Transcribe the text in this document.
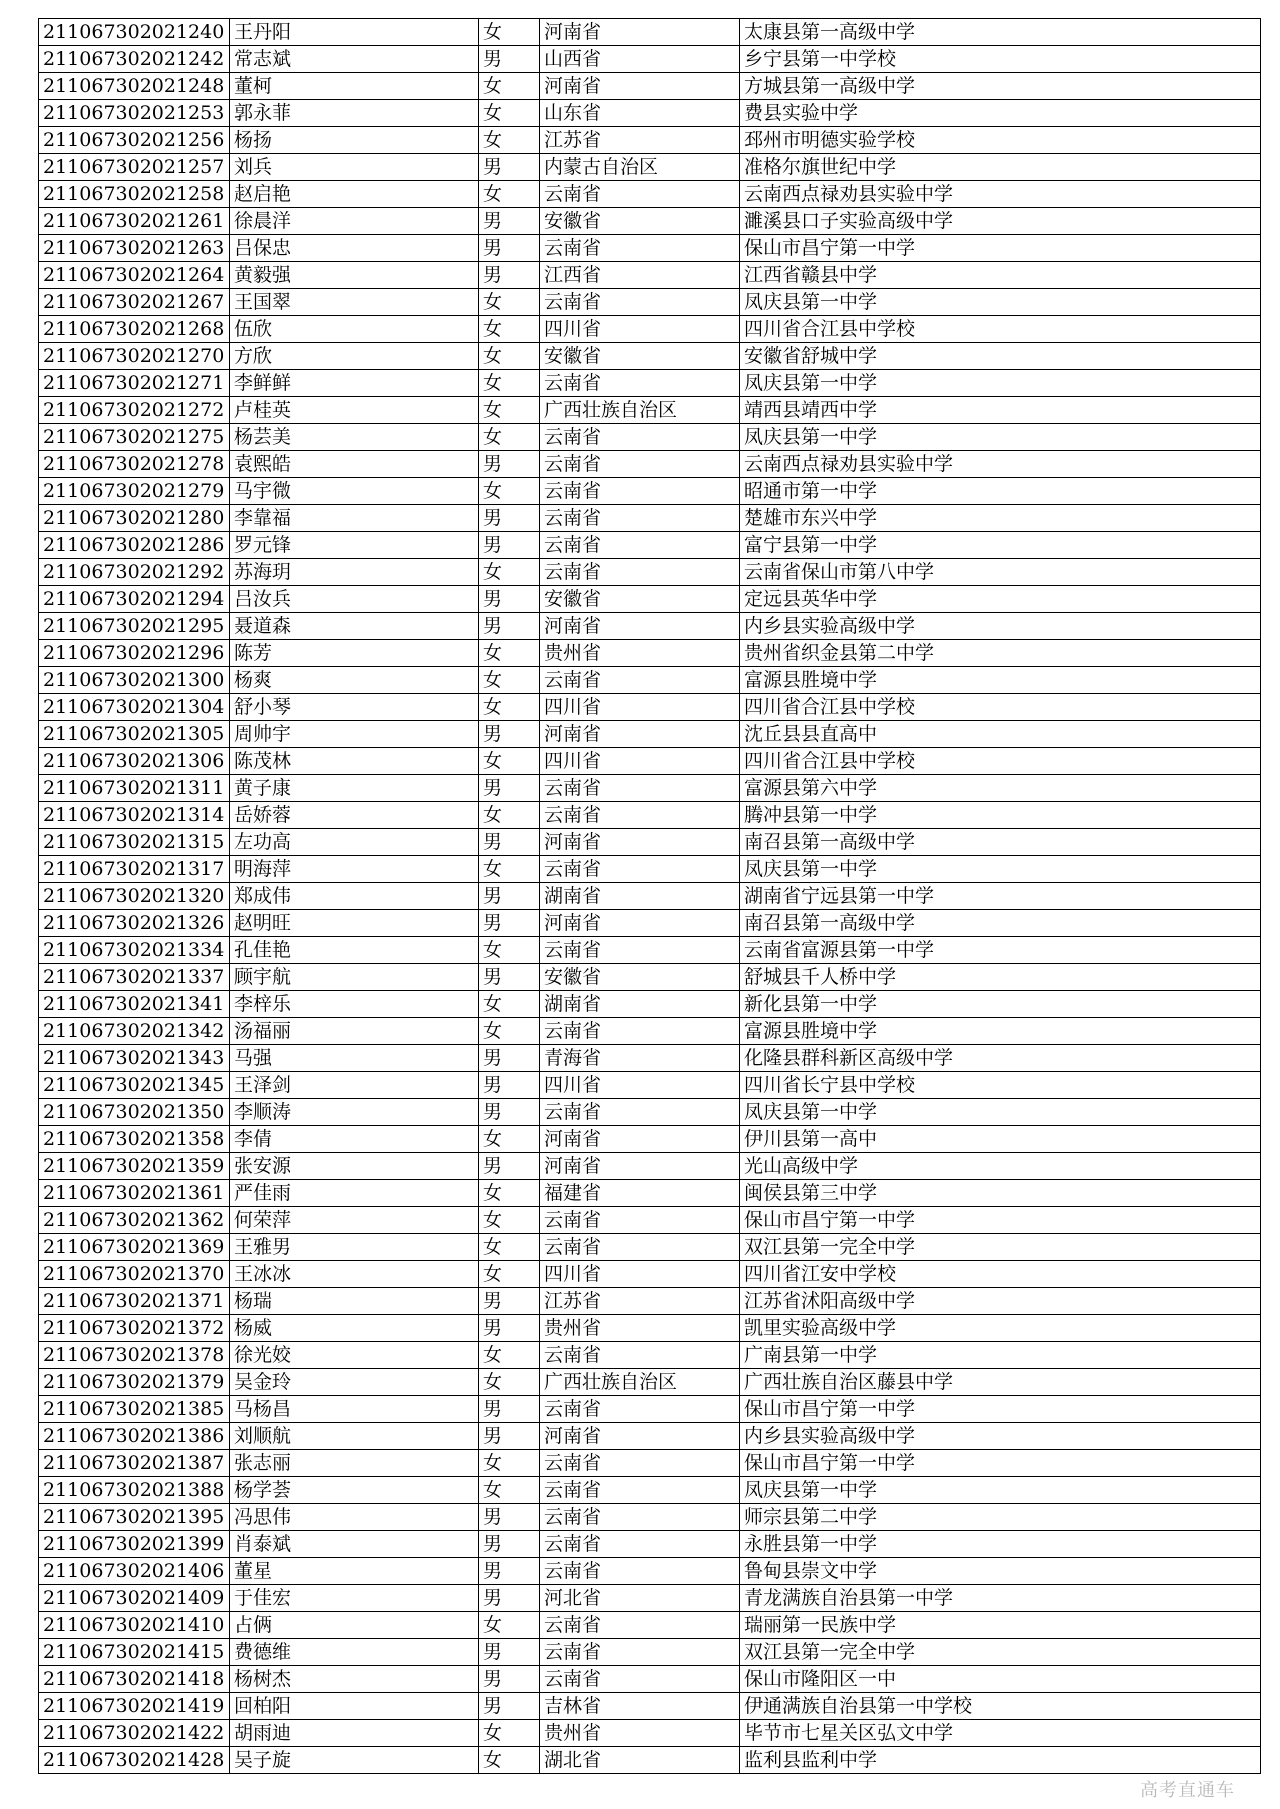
211067302021240	王丹阳	女	河南省	太康县第一高级中学
211067302021242	常志斌	男	山西省	乡宁县第一中学校
211067302021248	董柯	女	河南省	方城县第一高级中学
211067302021253	郭永菲	女	山东省	费县实验中学
211067302021256	杨扬	女	江苏省	邳州市明德实验学校
211067302021257	刘兵	男	内蒙古自治区	准格尔旗世纪中学
211067302021258	赵启艳	女	云南省	云南西点禄劝县实验中学
211067302021261	徐晨洋	男	安徽省	濉溪县口子实验高级中学
211067302021263	吕保忠	男	云南省	保山市昌宁第一中学
211067302021264	黄毅强	男	江西省	江西省赣县中学
211067302021267	王国翠	女	云南省	凤庆县第一中学
211067302021268	伍欣	女	四川省	四川省合江县中学校
211067302021270	方欣	女	安徽省	安徽省舒城中学
211067302021271	李鲜鲜	女	云南省	凤庆县第一中学
211067302021272	卢桂英	女	广西壮族自治区	靖西县靖西中学
211067302021275	杨芸美	女	云南省	凤庆县第一中学
211067302021278	袁熙皓	男	云南省	云南西点禄劝县实验中学
211067302021279	马宇微	女	云南省	昭通市第一中学
211067302021280	李靠福	男	云南省	楚雄市东兴中学
211067302021286	罗元锋	男	云南省	富宁县第一中学
211067302021292	苏海玥	女	云南省	云南省保山市第八中学
211067302021294	吕汝兵	男	安徽省	定远县英华中学
211067302021295	聂道森	男	河南省	内乡县实验高级中学
211067302021296	陈芳	女	贵州省	贵州省织金县第二中学
211067302021300	杨爽	女	云南省	富源县胜境中学
211067302021304	舒小琴	女	四川省	四川省合江县中学校
211067302021305	周帅宇	男	河南省	沈丘县县直高中
211067302021306	陈茂林	女	四川省	四川省合江县中学校
211067302021311	黄子康	男	云南省	富源县第六中学
211067302021314	岳娇蓉	女	云南省	腾冲县第一中学
211067302021315	左功高	男	河南省	南召县第一高级中学
211067302021317	明海萍	女	云南省	凤庆县第一中学
211067302021320	郑成伟	男	湖南省	湖南省宁远县第一中学
211067302021326	赵明旺	男	河南省	南召县第一高级中学
211067302021334	孔佳艳	女	云南省	云南省富源县第一中学
211067302021337	顾宇航	男	安徽省	舒城县千人桥中学
211067302021341	李梓乐	女	湖南省	新化县第一中学
211067302021342	汤福丽	女	云南省	富源县胜境中学
211067302021343	马强	男	青海省	化隆县群科新区高级中学
211067302021345	王泽剑	男	四川省	四川省长宁县中学校
211067302021350	李顺涛	男	云南省	凤庆县第一中学
211067302021358	李倩	女	河南省	伊川县第一高中
211067302021359	张安源	男	河南省	光山高级中学
211067302021361	严佳雨	女	福建省	闽侯县第三中学
211067302021362	何荣萍	女	云南省	保山市昌宁第一中学
211067302021369	王雅男	女	云南省	双江县第一完全中学
211067302021370	王冰冰	女	四川省	四川省江安中学校
211067302021371	杨瑞	男	江苏省	江苏省沭阳高级中学
211067302021372	杨威	男	贵州省	凯里实验高级中学
211067302021378	徐光姣	女	云南省	广南县第一中学
211067302021379	吴金玲	女	广西壮族自治区	广西壮族自治区藤县中学
211067302021385	马杨昌	男	云南省	保山市昌宁第一中学
211067302021386	刘顺航	男	河南省	内乡县实验高级中学
211067302021387	张志丽	女	云南省	保山市昌宁第一中学
211067302021388	杨学荟	女	云南省	凤庆县第一中学
211067302021395	冯思伟	男	云南省	师宗县第二中学
211067302021399	肖泰斌	男	云南省	永胜县第一中学
211067302021406	董星	男	云南省	鲁甸县崇文中学
211067302021409	于佳宏	男	河北省	青龙满族自治县第一中学
211067302021410	占俩	女	云南省	瑞丽第一民族中学
211067302021415	费德维	男	云南省	双江县第一完全中学
211067302021418	杨树杰	男	云南省	保山市隆阳区一中
211067302021419	回柏阳	男	吉林省	伊通满族自治县第一中学校
211067302021422	胡雨迪	女	贵州省	毕节市七星关区弘文中学
211067302021428	吴子旋	女	湖北省	监利县监利中学
高考直通车
